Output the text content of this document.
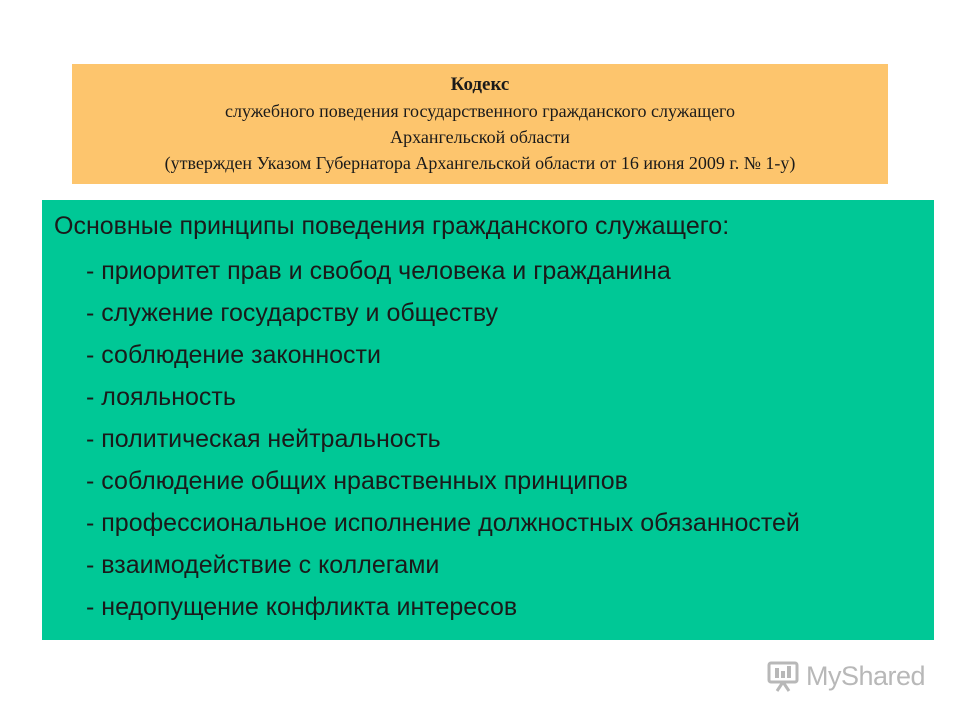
Кодекс
служебного поведения государственного гражданского служащего
Архангельской области
(утвержден Указом Губернатора Архангельской области от 16 июня 2009 г. № 1-у)
Основные принципы поведения гражданского служащего:
- приоритет прав и свобод человека и гражданина
- служение государству и обществу
- соблюдение законности
- лояльность
- политическая нейтральность
- соблюдение общих нравственных принципов
- профессиональное исполнение должностных обязанностей
- взаимодействие с коллегами
- недопущение конфликта интересов
MyShared
